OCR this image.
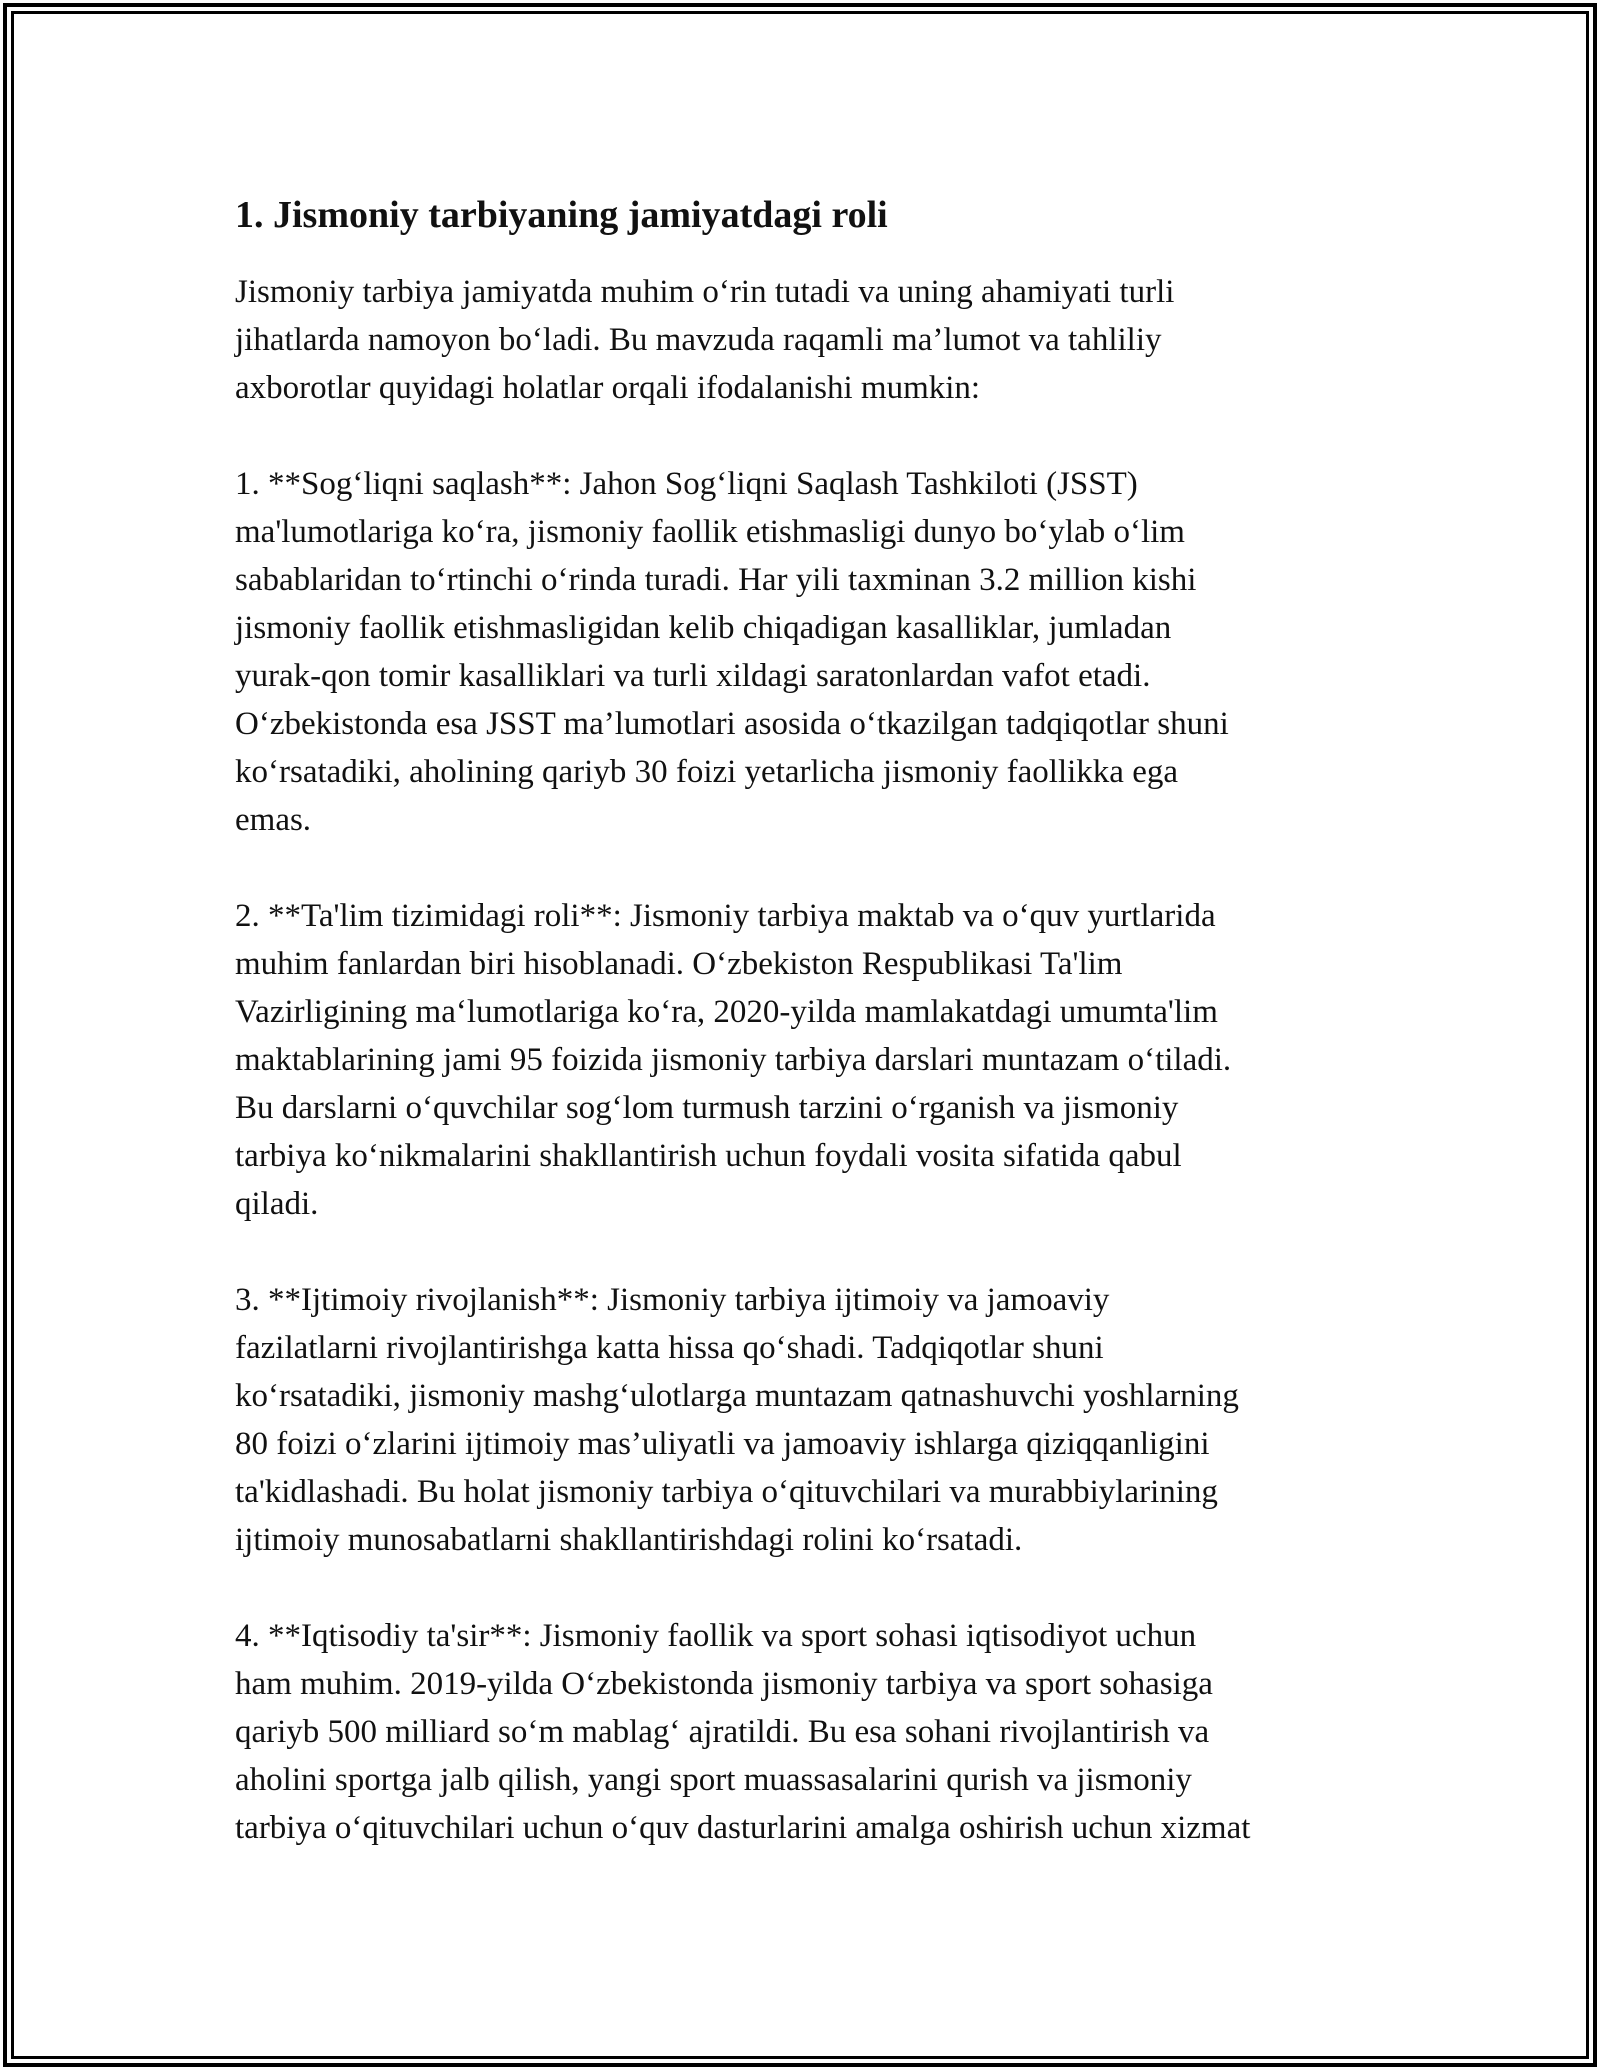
1. Jismoniy tarbiyaning jamiyatdagi roli
Jismoniy tarbiya jamiyatda muhim o‘rin tutadi va uning ahamiyati turli
jihatlarda namoyon bo‘ladi. Bu mavzuda raqamli ma’lumot va tahliliy
axborotlar quyidagi holatlar orqali ifodalanishi mumkin:
1. **Sog‘liqni saqlash**: Jahon Sog‘liqni Saqlash Tashkiloti (JSST)
ma'lumotlariga ko‘ra, jismoniy faollik etishmasligi dunyo bo‘ylab o‘lim
sabablaridan to‘rtinchi o‘rinda turadi. Har yili taxminan 3.2 million kishi
jismoniy faollik etishmasligidan kelib chiqadigan kasalliklar, jumladan
yurak-qon tomir kasalliklari va turli xildagi saratonlardan vafot etadi.
O‘zbekistonda esa JSST ma’lumotlari asosida o‘tkazilgan tadqiqotlar shuni
ko‘rsatadiki, aholining qariyb 30 foizi yetarlicha jismoniy faollikka ega
emas.
2. **Ta'lim tizimidagi roli**: Jismoniy tarbiya maktab va o‘quv yurtlarida
muhim fanlardan biri hisoblanadi. O‘zbekiston Respublikasi Ta'lim
Vazirligining ma‘lumotlariga ko‘ra, 2020-yilda mamlakatdagi umumta'lim
maktablarining jami 95 foizida jismoniy tarbiya darslari muntazam o‘tiladi.
Bu darslarni o‘quvchilar sog‘lom turmush tarzini o‘rganish va jismoniy
tarbiya ko‘nikmalarini shakllantirish uchun foydali vosita sifatida qabul
qiladi.
3. **Ijtimoiy rivojlanish**: Jismoniy tarbiya ijtimoiy va jamoaviy
fazilatlarni rivojlantirishga katta hissa qo‘shadi. Tadqiqotlar shuni
ko‘rsatadiki, jismoniy mashg‘ulotlarga muntazam qatnashuvchi yoshlarning
80 foizi o‘zlarini ijtimoiy mas’uliyatli va jamoaviy ishlarga qiziqqanligini
ta'kidlashadi. Bu holat jismoniy tarbiya o‘qituvchilari va murabbiylarining
ijtimoiy munosabatlarni shakllantirishdagi rolini ko‘rsatadi.
4. **Iqtisodiy ta'sir**: Jismoniy faollik va sport sohasi iqtisodiyot uchun
ham muhim. 2019-yilda O‘zbekistonda jismoniy tarbiya va sport sohasiga
qariyb 500 milliard so‘m mablag‘ ajratildi. Bu esa sohani rivojlantirish va
aholini sportga jalb qilish, yangi sport muassasalarini qurish va jismoniy
tarbiya o‘qituvchilari uchun o‘quv dasturlarini amalga oshirish uchun xizmat
